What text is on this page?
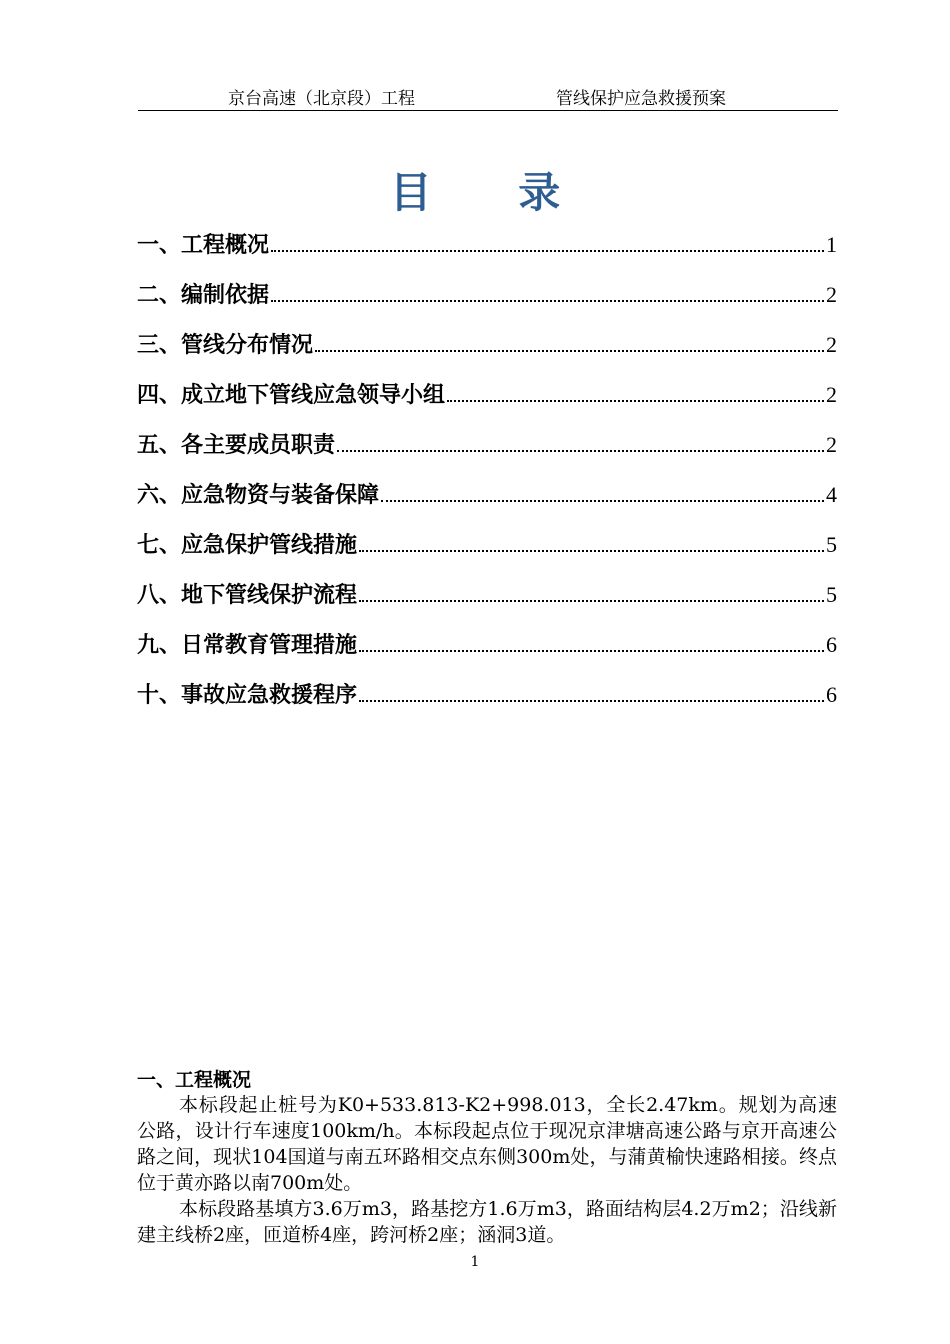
京台高速（北京段）工程	管线保护应急救援预案
目 录
一、工程概况	1
二、编制依据	2
三、管线分布情况	2
四、成立地下管线应急领导小组	2
五、各主要成员职责	2
六、应急物资与装备保障	4
七、应急保护管线措施	5
八、地下管线保护流程	5
九、日常教育管理措施	6
十、事故应急救援程序	6
一、工程概况

本标段起止桩号为K0+533.813-K2+998.013，全长2.47km。规划为高速公路，设计行车速度100km/h。本标段起点位于现况京津塘高速公路与京开高速公路之间，现状104国道与南五环路相交点东侧300m处，与蒲黄榆快速路相接。终点位于黄亦路以南700m处。

本标段路基填方3.6万m3，路基挖方1.6万m3，路面结构层4.2万m2；沿线新建主线桥2座，匝道桥4座，跨河桥2座；涵洞3道。

1
